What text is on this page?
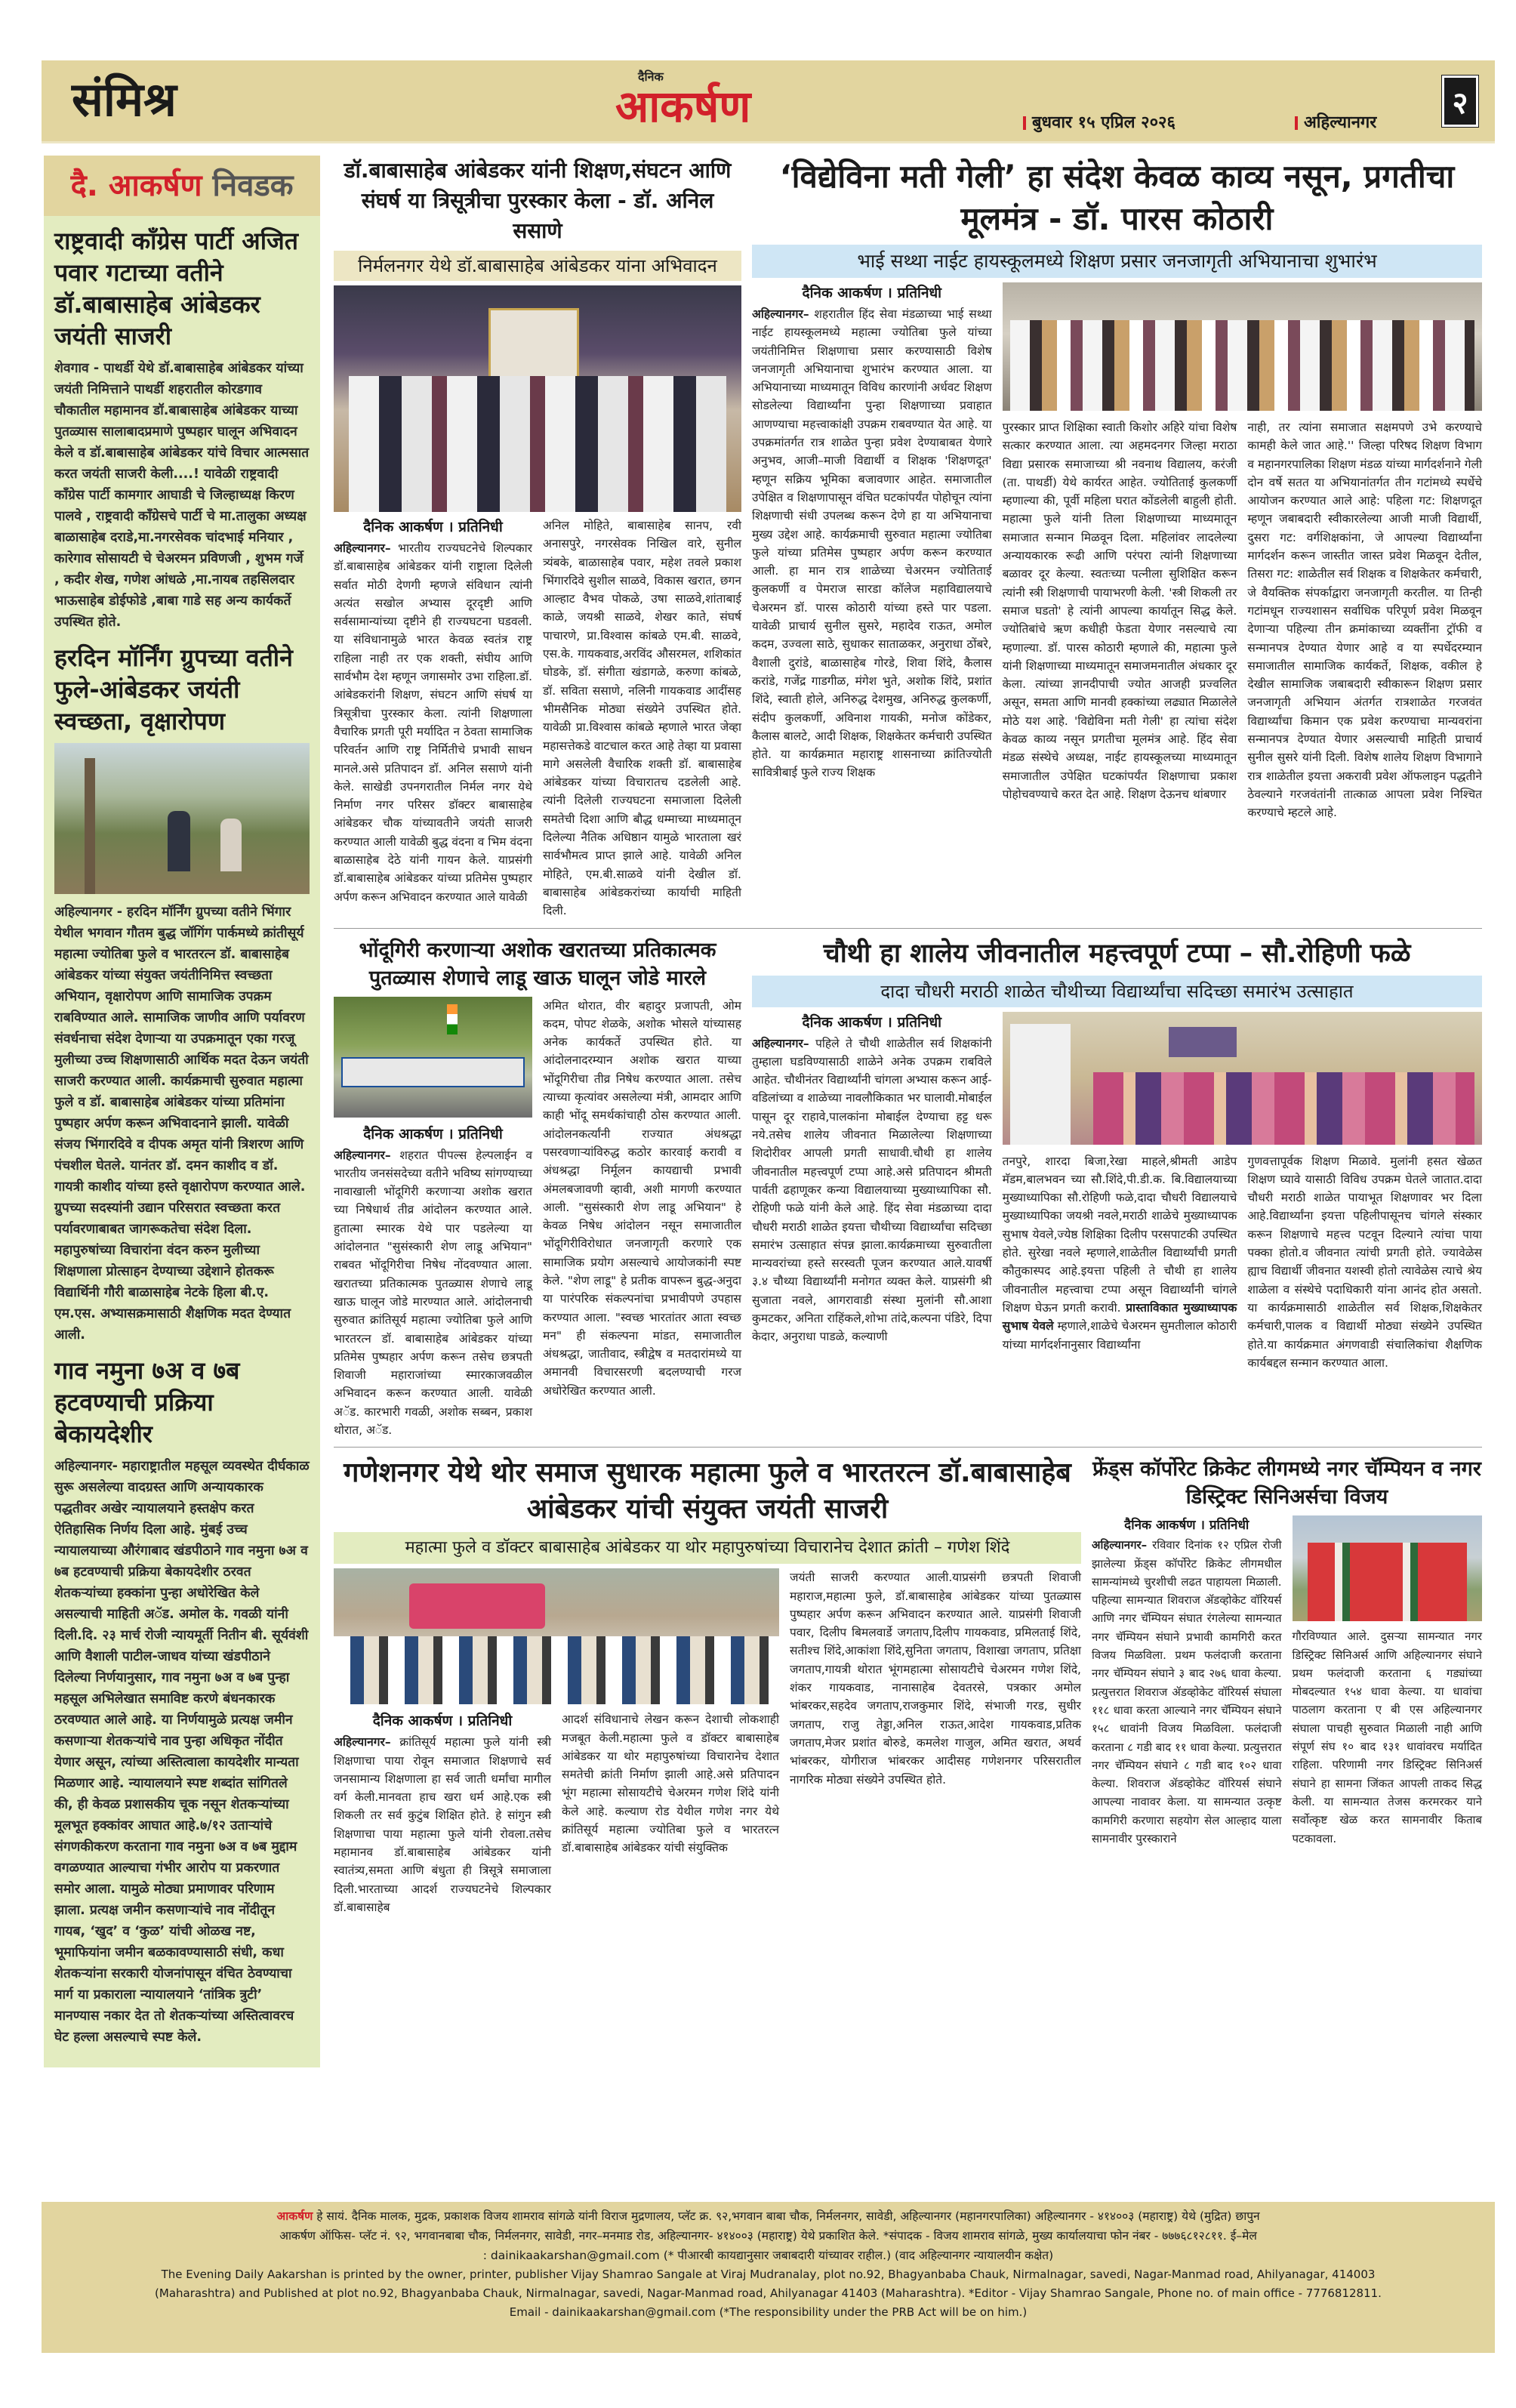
संमिश्र	दैनिक
आकर्षण	बुधवार १५ एप्रिल २०२६	अहिल्यानगर
२
दै. आकर्षण निवडक
राष्ट्रवादी कॉंग्रेस पार्टी अजित पवार गटाच्या वतीने डॉ.बाबासाहेब आंबेडकर जयंती साजरी
शेवगाव - पाथर्डी येथे डॉ.बाबासाहेब आंबेडकर यांच्या जयंती निमित्ताने पाथर्डी शहरातील कोरडगाव चौकातील महामानव डॉ.बाबासाहेब आंबेडकर याच्या पुतळ्यास सालाबादप्रमाणे पुष्पहार घालून अभिवादन केले व डॉ.बाबासाहेब आंबेडकर यांचे विचार आत्मसात करत जयंती साजरी केली....! यावेळी राष्ट्रवादी कॉंग्रेस पार्टी कामगार आघाडी चे जिल्हाध्यक्ष किरण पालवे , राष्ट्रवादी कॉंग्रेसचे पार्टी चे मा.तालुका अध्यक्ष बाळासाहेब दराडे,मा.नगरसेवक चांदभाई मनियार , कारेगाव सोसायटी चे चेअरमन प्रविणजी , शुभम गर्जे , कदीर शेख, गणेश आंधळे ,मा.नायब तहसिलदार भाऊसाहेब डोईफोडे ,बाबा गाडे सह अन्य कार्यकर्ते उपस्थित होते.
हरदिन मॉर्निंग ग्रुपच्या वतीने फुले-आंबेडकर जयंती स्वच्छता, वृक्षारोपण
अहिल्यानगर - हरदिन मॉर्निंग ग्रुपच्या वतीने भिंगार येथील भगवान गौतम बुद्ध जॉगिंग पार्कमध्ये क्रांतीसूर्य महात्मा ज्योतिबा फुले व भारतरत्न डॉ. बाबासाहेब आंबेडकर यांच्या संयुक्त जयंतीनिमित्त स्वच्छता अभियान, वृक्षारोपण आणि सामाजिक उपक्रम राबविण्यात आले. सामाजिक जाणीव आणि पर्यावरण संवर्धनाचा संदेश देणाऱ्या या उपक्रमातून एका गरजू मुलीच्या उच्च शिक्षणासाठी आर्थिक मदत देऊन जयंती साजरी करण्यात आली. कार्यक्रमाची सुरुवात महात्मा फुले व डॉ. बाबासाहेब आंबेडकर यांच्या प्रतिमांना पुष्पहार अर्पण करून अभिवादनाने झाली. यावेळी संजय भिंगारदिवे व दीपक अमृत यांनी त्रिशरण आणि पंचशील घेतले. यानंतर डॉ. दमन काशीद व डॉ. गायत्री काशीद यांच्या हस्ते वृक्षारोपण करण्यात आले. ग्रुपच्या सदस्यांनी उद्यान परिसरात स्वच्छता करत पर्यावरणाबाबत जागरूकतेचा संदेश दिला. महापुरुषांच्या विचारांना वंदन करुन मुलीच्या शिक्षणाला प्रोत्साहन देण्याच्या उद्देशाने होतकरू विद्यार्थिनी गौरी बाळासाहेब नेटके हिला बी.ए. एम.एस. अभ्यासक्रमासाठी शैक्षणिक मदत देण्यात आली.
गाव नमुना ७अ व ७ब हटवण्याची प्रक्रिया बेकायदेशीर
अहिल्यानगर- महाराष्ट्रातील महसूल व्यवस्थेत दीर्घकाळ सुरू असलेल्या वादग्रस्त आणि अन्यायकारक पद्धतीवर अखेर न्यायालयाने हस्तक्षेप करत ऐतिहासिक निर्णय दिला आहे. मुंबई उच्च न्यायालयाच्या औरंगाबाद खंडपीठाने गाव नमुना ७अ व ७ब हटवण्याची प्रक्रिया बेकायदेशीर ठरवत शेतकऱ्यांच्या हक्कांना पुन्हा अधोरेखित केले असल्याची माहिती अॅड. अमोल के. गवळी यांनी दिली.दि. २३ मार्च रोजी न्यायमूर्ती नितीन बी. सूर्यवंशी आणि वैशाली पाटील-जाधव यांच्या खंडपीठाने दिलेल्या निर्णयानुसार, गाव नमुना ७अ व ७ब पुन्हा महसूल अभिलेखात समाविष्ट करणे बंधनकारक ठरवण्यात आले आहे. या निर्णयामुळे प्रत्यक्ष जमीन कसणाऱ्या शेतकऱ्यांचे नाव पुन्हा अधिकृत नोंदीत येणार असून, त्यांच्या अस्तित्वाला कायदेशीर मान्यता मिळणार आहे. न्यायालयाने स्पष्ट शब्दांत सांगितले की, ही केवळ प्रशासकीय चूक नसून शेतकऱ्यांच्या मूलभूत हक्कांवर आघात आहे.७/१२ उताऱ्यांचे संगणकीकरण करताना गाव नमुना ७अ व ७ब मुद्दाम वगळण्यात आल्याचा गंभीर आरोप या प्रकरणात समोर आला. यामुळे मोठ्या प्रमाणावर परिणाम झाला. प्रत्यक्ष जमीन कसणाऱ्यांचे नाव नोंदीतून गायब, ‘खुद’ व ‘कुळ’ यांची ओळख नष्ट, भूमाफियांना जमीन बळकावण्यासाठी संधी, कधा शेतकऱ्यांना सरकारी योजनांपासून वंचित ठेवण्याचा मार्ग या प्रकाराला न्यायालयाने ‘तांत्रिक त्रुटी’ मानण्यास नकार देत तो शेतकऱ्यांच्या अस्तित्वावरच घेट हल्ला असल्याचे स्पष्ट केले.
डॉ.बाबासाहेब आंबेडकर यांनी शिक्षण,संघटन आणि संघर्ष या त्रिसूत्रीचा पुरस्कार केला - डॉ. अनिल ससाणे
निर्मलनगर येथे डॉ.बाबासाहेब आंबेडकर यांना अभिवादन
दैनिक आकर्षण । प्रतिनिधी
अहिल्यानगर– भारतीय राज्यघटनेचे शिल्पकार डॉ.बाबासाहेब आंबेडकर यांनी राष्ट्राला दिलेली सर्वात मोठी देणगी म्हणजे संविधान त्यांनी अत्यंत सखोल अभ्यास दूरदृष्टी आणि सर्वसामान्यांच्या दृष्टीने ही राज्यघटना घडवली. या संविधानामुळे भारत केवळ स्वतंत्र राष्ट्र राहिला नाही तर एक शक्ती, संघीय आणि सार्वभौम देश म्हणून जगासमोर उभा राहिला.डॉ. आंबेडकरांनी शिक्षण, संघटन आणि संघर्ष या त्रिसूत्रीचा पुरस्कार केला. त्यांनी शिक्षणाला वैचारिक प्रगती पूरी मर्यादित न ठेवता सामाजिक परिवर्तन आणि राष्ट्र निर्मितीचे प्रभावी साधन मानले.असे प्रतिपादन डॉ. अनिल ससाणे यांनी केले. साखेडी उपनगरातील निर्मल नगर येथे निर्माण नगर परिसर डॉक्टर बाबासाहेब आंबेडकर चौक यांच्यावतीने जयंती साजरी करण्यात आली यावेळी बुद्ध वंदना व भिम वंदना बाळासाहेब देठे यांनी गायन केले. याप्रसंगी डॉ.बाबासाहेब आंबेडकर यांच्या प्रतिमेस पुष्पहार अर्पण करून अभिवादन करण्यात आले यावेळी
अनिल मोहिते, बाबासाहेब सानप, रवी अनासपुरे, नगरसेवक निखिल वारे, सुनील त्र्यंबके, बाळासाहेब पवार, महेश तवले प्रकाश भिंगारदिवे सुशील साळवे, विकास खरात, छगन आल्हाट वैभव पोकळे, उषा साळवे,शांताबाई काळे, जयश्री साळवे, शेखर काते, संघर्ष पाचारणे, प्रा.विश्वास कांबळे एम.बी. साळवे, एस.के. गायकवाड,अरविंद औसरमल, शशिकांत घोडके, डॉ. संगीता खंडागळे, करुणा कांबळे, डॉ. सविता ससाणे, नलिनी गायकवाड आदींसह भीमसैनिक मोठ्या संख्येने उपस्थित होते. यावेळी प्रा.विश्वास कांबळे म्हणाले भारत जेव्हा महासत्तेकडे वाटचाल करत आहे तेव्हा या प्रवासा मागे असलेली वैचारिक शक्ती डॉ. बाबासाहेब आंबेडकर यांच्या विचारातच दडलेली आहे. त्यांनी दिलेली राज्यघटना समाजाला दिलेली समतेची दिशा आणि बौद्ध धम्माच्या माध्यमातून दिलेल्या नैतिक अधिष्ठान यामुळे भारताला खरं सार्वभौमत्व प्राप्त झाले आहे. यावेळी अनिल मोहिते, एम.बी.साळवे यांनी देखील डॉ. बाबासाहेब आंबेडकरांच्या कार्याची माहिती दिली.
‘विद्येविना मती गेली’ हा संदेश केवळ काव्य नसून, प्रगतीचा मूलमंत्र - डॉ. पारस कोठारी
भाई सथ्था नाईट हायस्कूलमध्ये शिक्षण प्रसार जनजागृती अभियानाचा शुभारंभ
दैनिक आकर्षण । प्रतिनिधी
अहिल्यानगर– शहरातील हिंद सेवा मंडळाच्या भाई सथ्था नाईट हायस्कूलमध्ये महात्मा ज्योतिबा फुले यांच्या जयंतीनिमित्त शिक्षणाचा प्रसार करण्यासाठी विशेष जनजागृती अभियानाचा शुभारंभ करण्यात आला. या अभियानाच्या माध्यमातून विविध कारणांनी अर्धवट शिक्षण सोडलेल्या विद्यार्थ्यांना पुन्हा शिक्षणाच्या प्रवाहात आणण्याचा महत्त्वाकांक्षी उपक्रम राबवण्यात येत आहे. या उपक्रमांतर्गत रात्र शाळेत पुन्हा प्रवेश देण्याबाबत येणारे अनुभव, आजी–माजी विद्यार्थी व शिक्षक 'शिक्षणदूत' म्हणून सक्रिय भूमिका बजावणार आहेत. समाजातील उपेक्षित व शिक्षणापासून वंचित घटकांपर्यंत पोहोचून त्यांना शिक्षणाची संधी उपलब्ध करून देणे हा या अभियानाचा मुख्य उद्देश आहे. कार्यक्रमाची सुरुवात महात्मा ज्योतिबा फुले यांच्या प्रतिमेस पुष्पहार अर्पण करून करण्यात आली. हा मान रात्र शाळेच्या चेअरमन ज्योतिताई कुलकर्णी व पेमराज सारडा कॉलेज महाविद्यालयाचे चेअरमन डॉ. पारस कोठारी यांच्या हस्ते पार पडला. यावेळी प्राचार्य सुनील सुसरे, महादेव राऊत, अमोल कदम, उज्वला साठे, सुधाकर साताळकर, अनुराधा ठोंबरे, वैशाली दुरांडे, बाळासाहेब गोरडे, शिवा शिंदे, कैलास करांडे, गजेंद्र गाडगीळ, मंगेश भुते, अशोक शिंदे, प्रशांत शिंदे, स्वाती होले, अनिरुद्ध देशमुख, अनिरुद्ध कुलकर्णी, संदीप कुलकर्णी, अविनाश गायकी, मनोज कोंडेकर, कैलास बालटे, आदी शिक्षक, शिक्षकेतर कर्मचारी उपस्थित होते. या कार्यक्रमात महाराष्ट्र शासनाच्या क्रांतिज्योती सावित्रीबाई फुले राज्य शिक्षक
पुरस्कार प्राप्त शिक्षिका स्वाती किशोर अहिरे यांचा विशेष सत्कार करण्यात आला. त्या अहमदनगर जिल्हा मराठा विद्या प्रसारक समाजाच्या श्री नवनाथ विद्यालय, करंजी (ता. पाथर्डी) येथे कार्यरत आहेत. ज्योतिताई कुलकर्णी म्हणाल्या की, पूर्वी महिला घरात कोंडलेली बाहुली होती. महात्मा फुले यांनी तिला शिक्षणाच्या माध्यमातून समाजात सन्मान मिळवून दिला. महिलांवर लादलेल्या अन्यायकारक रूढी आणि परंपरा त्यांनी शिक्षणाच्या बळावर दूर केल्या. स्वतःच्या पत्नीला सुशिक्षित करून त्यांनी स्त्री शिक्षणाची पायाभरणी केली. 'स्त्री शिकली तर समाज घडतो' हे त्यांनी आपल्या कार्यातून सिद्ध केले. ज्योतिबांचे ऋण कधीही फेडता येणार नसल्याचे त्या म्हणाल्या. डॉ. पारस कोठारी म्हणाले की, महात्मा फुले यांनी शिक्षणाच्या माध्यमातून समाजमनातील अंधकार दूर केला. त्यांच्या ज्ञानदीपाची ज्योत आजही प्रज्वलित असून, समता आणि मानवी हक्कांच्या लढ्यात मिळालेले मोठे यश आहे. 'विद्येविना मती गेली' हा त्यांचा संदेश केवळ काव्य नसून प्रगतीचा मूलमंत्र आहे. हिंद सेवा मंडळ संस्थेचे अध्यक्ष, नाईट हायस्कूलच्या माध्यमातून समाजातील उपेक्षित घटकांपर्यंत शिक्षणाचा प्रकाश पोहोचवण्याचे करत देत आहे. शिक्षण देऊनच थांबणार
नाही, तर त्यांना समाजात सक्षमपणे उभे करण्याचे कामही केले जात आहे.'' जिल्हा परिषद शिक्षण विभाग व महानगरपालिका शिक्षण मंडळ यांच्या मार्गदर्शनाने गेली दोन वर्षे सतत या अभियानांतर्गत तीन गटांमध्ये स्पर्धेचे आयोजन करण्यात आले आहे: पहिला गट: शिक्षणदूत म्हणून जबाबदारी स्वीकारलेल्या आजी माजी विद्यार्थी, दुसरा गट: वर्गशिक्षकांना, जे आपल्या विद्यार्थ्यांना मार्गदर्शन करून जास्तीत जास्त प्रवेश मिळवून देतील, तिसरा गट: शाळेतील सर्व शिक्षक व शिक्षकेतर कर्मचारी, जे वैयक्तिक संपर्काद्वारा जनजागृती करतील. या तिन्ही गटांमधून राज्यशासन सर्वाधिक परिपूर्ण प्रवेश मिळवून देणाऱ्या पहिल्या तीन क्रमांकाच्या व्यक्तींना ट्रॉफी व सन्मानपत्र देण्यात येणार आहे व या स्पर्धेदरम्यान समाजातील सामाजिक कार्यकर्ते, शिक्षक, वकील हे देखील सामाजिक जबाबदारी स्वीकारून शिक्षण प्रसार जनजागृती अभियान अंतर्गत रात्रशाळेत गरजवंत विद्यार्थ्यांचा किमान एक प्रवेश करण्याचा मान्यवरांना सन्मानपत्र देण्यात येणार असल्याची माहिती प्राचार्य सुनील सुसरे यांनी दिली. विशेष शालेय शिक्षण विभागाने रात्र शाळेतील इयत्ता अकरावी प्रवेश ऑफलाइन पद्धतीने ठेवल्याने गरजवंतांनी तात्काळ आपला प्रवेश निश्चित करण्याचे म्हटले आहे.
भोंदूगिरी करणाऱ्या अशोक खरातच्या प्रतिकात्मक पुतळ्यास शेणाचे लाडू खाऊ घालून जोडे मारले
दैनिक आकर्षण । प्रतिनिधी
अहिल्यानगर– शहरात पीपल्स हेल्पलाईन व भारतीय जनसंसदेच्या वतीने भविष्य सांगण्याच्या नावाखाली भोंदूगिरी करणाऱ्या अशोक खरात च्या निषेधार्थ तीव्र आंदोलन करण्यात आले. हुतात्मा स्मारक येथे पार पडलेल्या या आंदोलनात "सुसंस्कारी शेण लाडू अभियान" राबवत भोंदूगिरीचा निषेध नोंदवण्यात आला. खरातच्या प्रतिकात्मक पुतळ्यास शेणाचे लाडू खाऊ घालून जोडे मारण्यात आले. आंदोलनाची सुरुवात क्रांतिसूर्य महात्मा ज्योतिबा फुले आणि भारतरत्न डॉ. बाबासाहेब आंबेडकर यांच्या प्रतिमेस पुष्पहार अर्पण करून तसेच छत्रपती शिवाजी महाराजांच्या स्मारकाजवळील अभिवादन करून करण्यात आली. यावेळी अॅड. कारभारी गवळी, अशोक सब्बन, प्रकाश थोरात, अॅड.
अमित थोरात, वीर बहादुर प्रजापती, ओम कदम, पोपट शेळके, अशोक भोसले यांच्यासह अनेक कार्यकर्ते उपस्थित होते. या आंदोलनादरम्यान अशोक खरात याच्या भोंदूगिरीचा तीव्र निषेध करण्यात आला. तसेच त्याच्या कृत्यांवर असलेल्या मंत्री, आमदार आणि काही भोंदू समर्थकांचाही ठोस करण्यात आली. आंदोलनकर्त्यांनी राज्यात अंधश्रद्धा पसरवणाऱ्यांविरुद्ध कठोर कारवाई करावी व अंधश्रद्धा निर्मूलन कायद्याची प्रभावी अंमलबजावणी व्हावी, अशी मागणी करण्यात आली. "सुसंस्कारी शेण लाडू अभियान" हे केवळ निषेध आंदोलन नसून समाजातील भोंदूगिरीविरोधात जनजागृती करणारे एक सामाजिक प्रयोग असल्याचे आयोजकांनी स्पष्ट केले. "शेण लाडू" हे प्रतीक वापरून बुद्ध-अनुदा या पारंपरिक संकल्पनांचा प्रभावीपणे उपहास करण्यात आला. "स्वच्छ भारतांतर आता स्वच्छ मन" ही संकल्पना मांडत, समाजातील अंधश्रद्धा, जातीवाद, स्त्रीद्वेष व मतदारांमध्ये या अमानवी विचारसरणी बदलण्याची गरज अधोरेखित करण्यात आली.
चौथी हा शालेय जीवनातील महत्त्वपूर्ण टप्पा – सौ.रोहिणी फळे
दादा चौधरी मराठी शाळेत चौथीच्या विद्यार्थ्यांचा सदिच्छा समारंभ उत्साहात
दैनिक आकर्षण । प्रतिनिधी
अहिल्यानगर– पहिले ते चौथी शाळेतील सर्व शिक्षकांनी तुम्हाला घडविण्यासाठी शाळेने अनेक उपक्रम राबविले आहेत. चौथीनंतर विद्यार्थ्यांनी चांगला अभ्यास करून आई-वडिलांच्या व शाळेच्या नावलौकिकात भर घालावी.मोबाईल पासून दूर राहावे,पालकांना मोबाईल देण्याचा हट्ट धरू नये.तसेच शालेय जीवनात मिळालेल्या शिक्षणाच्या शिदोरीवर आपली प्रगती साधावी.चौथी हा शालेय जीवनातील महत्त्वपूर्ण टप्पा आहे.असे प्रतिपादन श्रीमती पार्वती ढहाणूकर कन्या विद्यालयाच्या मुख्याध्यापिका सौ. रोहिणी फळे यांनी केले आहे. हिंद सेवा मंडळाच्या दादा चौधरी मराठी शाळेत इयत्ता चौथीच्या विद्यार्थ्यांचा सदिच्छा समारंभ उत्साहात संपन्न झाला.कार्यक्रमाच्या सुरुवातीला मान्यवरांच्या हस्ते सरस्वती पूजन करण्यात आले.यावर्षी ३.४ चौथ्या विद्यार्थ्यांनी मनोगत व्यक्त केले. याप्रसंगी श्री सुजाता नवले, आगरावाडी संस्था मुलांनी सौ.आशा कुमटकर, अनिता राहिंकले,शोभा तांदे,कल्पना पंडिरे, दिपा केदार, अनुराधा पाडळे, कल्याणी
तनपुरे, शारदा बिजा,रेखा माहले,श्रीमती आडेप मॅडम,बालभवन च्या सौ.शिंदे,पी.डी.क. बि.विद्यालयाच्या मुख्याध्यापिका सौ.रोहिणी फळे,दादा चौधरी विद्यालयाचे मुख्याध्यापिका जयश्री नवले,मराठी शाळेचे मुख्याध्यापक सुभाष येवले,ज्येष्ठ शिक्षिका दिलीप परसपाटकी उपस्थित होते. सुरेखा नवले म्हणाले,शाळेतील विद्यार्थ्यांची प्रगती कौतुकास्पद आहे.इयत्ता पहिली ते चौथी हा शालेय जीवनातील महत्त्वाचा टप्पा असून विद्यार्थ्यांनी चांगले शिक्षण घेऊन प्रगती करावी. प्रास्ताविकात मुख्याध्यापक सुभाष येवले म्हणाले,शाळेचे चेअरमन सुमतीलाल कोठारी यांच्या मार्गदर्शनानुसार विद्यार्थ्यांना
गुणवत्तापूर्वक शिक्षण मिळावे. मुलांनी हसत खेळत शिक्षण घ्यावे यासाठी विविध उपक्रम घेतले जातात.दादा चौधरी मराठी शाळेत पायाभूत शिक्षणावर भर दिला आहे.विद्यार्थ्यांना इयत्ता पहिलीपासूनच चांगले संस्कार करून शिक्षणाचे महत्त्व पटवून दिल्याने त्यांचा पाया पक्का होतो.व जीवनात त्यांची प्रगती होते. ज्यावेळेस ह्याच विद्यार्थी जीवनात यशस्वी होतो त्यावेळेस त्याचे श्रेय शाळेला व संस्थेचे पदाधिकारी यांना आनंद होत असतो. या कार्यक्रमासाठी शाळेतील सर्व शिक्षक,शिक्षकेतर कर्मचारी,पालक व विद्यार्थी मोठ्या संख्येने उपस्थित होते.या कार्यक्रमात अंगणवाडी संचालिकांचा शैक्षणिक कार्यबद्दल सन्मान करण्यात आला.
गणेशनगर येथे थोर समाज सुधारक महात्मा फुले व भारतरत्न डॉ.बाबासाहेब आंबेडकर यांची संयुक्त जयंती साजरी
महात्मा फुले व डॉक्टर बाबासाहेब आंबेडकर या थोर महापुरुषांच्या विचारानेच देशात क्रांती – गणेश शिंदे
दैनिक आकर्षण । प्रतिनिधी
अहिल्यानगर– क्रांतिसूर्य महात्मा फुले यांनी स्त्री शिक्षणाचा पाया रोवून समाजात शिक्षणाचे सर्व जनसामान्य शिक्षणाला हा सर्व जाती धर्मांचा मागील वर्ग केली.मानवता हाच खरा धर्म आहे.एक स्त्री शिकली तर सर्व कुटुंब शिक्षित होते. हे सांगुन स्त्री शिक्षणाचा पाया महात्मा फुले यांनी रोवला.तसेच महामानव डॉ.बाबासाहेब आंबेडकर यांनी स्वातंत्र्य,समता आणि बंधुता ही त्रिसूत्रे समाजाला दिली.भारताच्या आदर्श राज्यघटनेचे शिल्पकार डॉ.बाबासाहेब
आदर्श संविधानाचे लेखन करून देशाची लोकशाही मजबूत केली.महात्मा फुले व डॉक्टर बाबासाहेब आंबेडकर या थोर महापुरुषांच्या विचारानेच देशात समतेची क्रांती निर्माण झाली आहे.असे प्रतिपादन भूंग महात्मा सोसायटीचे चेअरमन गणेश शिंदे यांनी केले आहे. कल्याण रोड येथील गणेश नगर येथे क्रांतिसूर्य महात्मा ज्योतिबा फुले व भारतरत्न डॉ.बाबासाहेब आंबेडकर यांची संयुक्तिक
जयंती साजरी करण्यात आली.याप्रसंगी छत्रपती शिवाजी महाराज,महात्मा फुले, डॉ.बाबासाहेब आंबेडकर यांच्या पुतळ्यास पुष्पहार अर्पण करून अभिवादन करण्यात आले. याप्रसंगी शिवाजी पवार, दिलीप बिमलवार्डे जगताप,दिलीप गायकवाड, प्रमिलताई शिंदे, सतीश्च शिंदे,आकांशा शिंदे,सुनिता जगताप, विशाखा जगताप, प्रतिक्षा जगताप,गायत्री थोरात भूंगमहात्मा सोसायटीचे चेअरमन गणेश शिंदे, शंकर गायकवाड, नानासाहेब देवतरसे, पत्रकार अमोल भांबरकर,सहदेव जगताप,राजकुमार शिंदे, संभाजी गरड, सुधीर जगताप, राजु तेड्डा,अनिल राऊत,आदेश गायकवाड,प्रतिक जगताप,मेजर प्रशांत बोरुडे, कमलेश गाजुल, अमित खरात, अथर्व भांबरकर, योगीराज भांबरकर आदीसह गणेशनगर परिसरातील नागरिक मोठ्या संख्येने उपस्थित होते.
फ्रेंड्स कॉर्पोरेट क्रिकेट लीगमध्ये नगर चॅम्पियन व नगर डिस्ट्रिक्ट सिनिअर्सचा विजय
दैनिक आकर्षण । प्रतिनिधी
अहिल्यानगर– रविवार दिनांक १२ एप्रिल रोजी झालेल्या फ्रेंड्स कॉर्पोरेट क्रिकेट लीगमधील सामन्यांमध्ये चुरशीची लढत पाहायला मिळाली. पहिल्या सामन्यात शिवराज ॲडव्होकेट वॉरियर्स आणि नगर चॅम्पियन संघात रंगलेल्या सामन्यात नगर चॅम्पियन संघाने प्रभावी कामगिरी करत विजय मिळविला. प्रथम फलंदाजी करताना नगर चॅम्पियन संघाने ३ बाद २७६ धावा केल्या. प्रत्युत्तरात शिवराज ॲडव्होकेट वॉरियर्स संघाला ११८ धावा करता आल्याने नगर चॅम्पियन संघाने १५८ धावांनी विजय मिळविला. फलंदाजी करताना ८ गडी बाद ११ धावा केल्या. प्रत्युत्तरात नगर चॅम्पियन संघाने ८ गडी बाद १०२ धावा केल्या. शिवराज ॲडव्होकेट वॉरियर्स संघाने आपल्या नावावर केला. या सामन्यात उत्कृष्ट कामगिरी करणारा सहयोग सेल आल्हाद याला सामनावीर पुरस्काराने
गौरविण्यात आले. दुसऱ्या सामन्यात नगर डिस्ट्रिक्ट सिनिअर्स आणि अहिल्यानगर संघाने प्रथम फलंदाजी करताना ६ गड्यांच्या मोबदल्यात १५४ धावा केल्या. या धावांचा पाठलाग करताना ए बी एस अहिल्यानगर संघाला पाचही सुरुवात मिळाली नाही आणि संपूर्ण संघ १० बाद १३१ धावांवरच मर्यादित राहिला. परिणामी नगर डिस्ट्रिक्ट सिनिअर्स संघाने हा सामना जिंकत आपली ताकद सिद्ध केली. या सामन्यात तेजस करमरकर याने सर्वोत्कृष्ट खेळ करत सामनावीर किताब पटकावला.
आकर्षण हे सायं. दैनिक मालक, मुद्रक, प्रकाशक विजय शामराव सांगळे यांनी विराज मुद्रणालय, प्लॅट क्र. ९२,भगवान बाबा चौक, निर्मलनगर, सावेडी, अहिल्यानगर (महानगरपालिका) अहिल्यानगर - ४१४००३ (महाराष्ट्र) येथे (मुद्रित) छापुन
आकर्षण ऑफिस- प्लॅट नं. ९२, भगवानबाबा चौक, निर्मलनगर, सावेडी, नगर–मनमाड रोड, अहिल्यानगर- ४१४००३ (महाराष्ट्र) येथे प्रकाशित केले. *संपादक - विजय शामराव सांगळे, मुख्य कार्यालयाचा फोन नंबर - ७७७६८१२८११. ई–मेल
: dainikaakarshan@gmail.com (* पीआरबी कायद्यानुसार जबाबदारी यांच्यावर राहील.) (वाद अहिल्यानगर न्यायालयीन कक्षेत)
The Evening Daily Aakarshan is printed by the owner, printer, publisher Vijay Shamrao Sangale at Viraj Mudranalay, plot no.92, Bhagyanbaba Chauk, Nirmalnagar, savedi, Nagar-Manmad road, Ahilyanagar, 414003
(Maharashtra) and Published at plot no.92, Bhagyanbaba Chauk, Nirmalnagar, savedi, Nagar-Manmad road, Ahilyanagar 41403 (Maharashtra). *Editor - Vijay Shamrao Sangale, Phone no. of main office - 7776812811.
Email - dainikaakarshan@gmail.com (*The responsibility under the PRB Act will be on him.)
